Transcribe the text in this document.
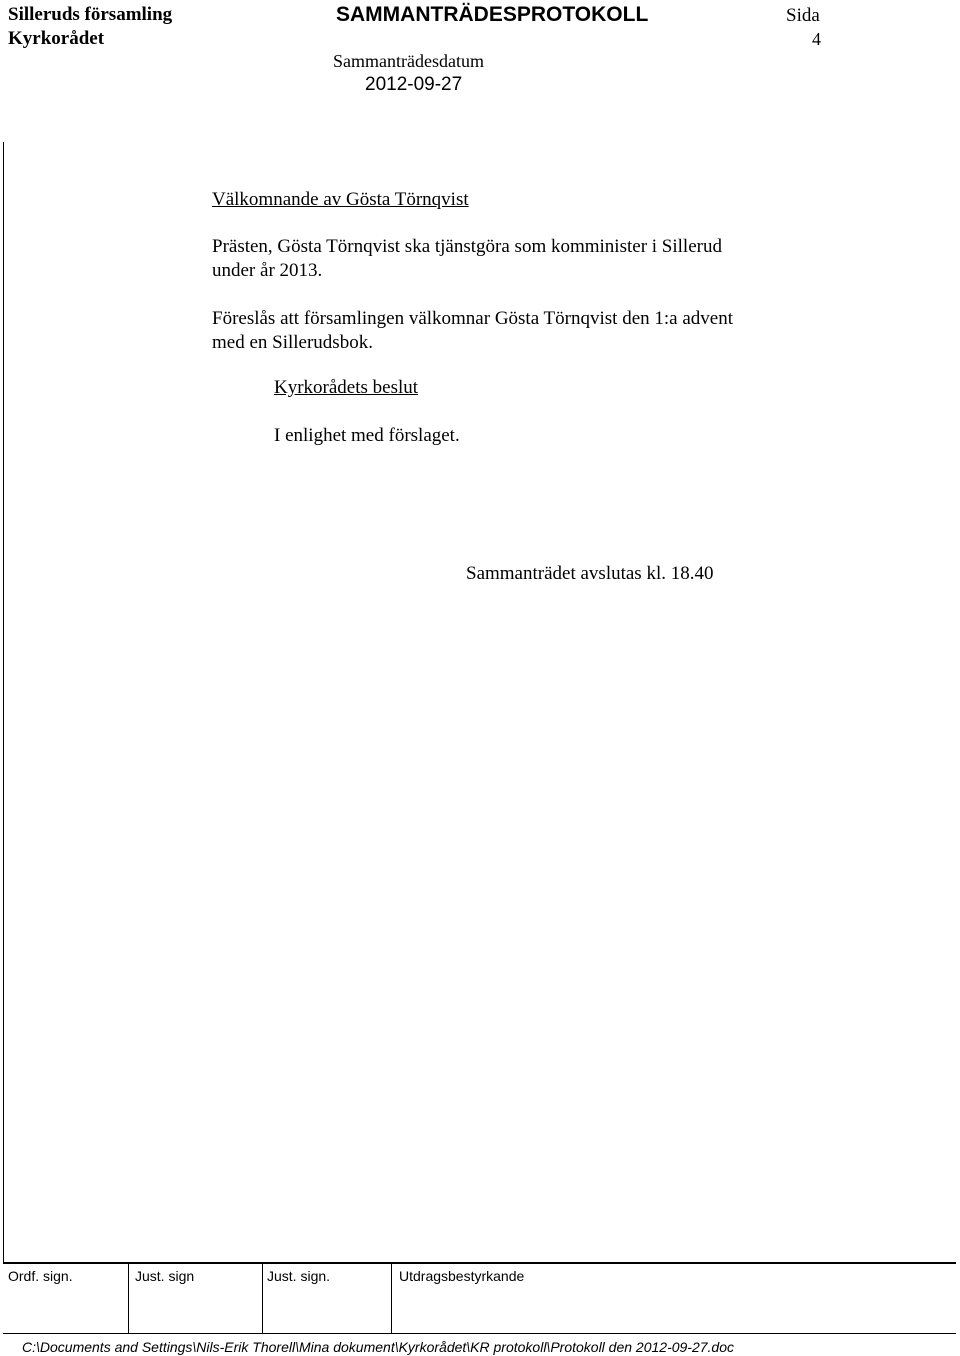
Silleruds församling
Kyrkorådet
SAMMANTRÄDESPROTOKOLL	Sida
4
Sammanträdesdatum
2012-09-27
Välkomnande av Gösta Törnqvist
Prästen, Gösta Törnqvist ska tjänstgöra som komminister i Sillerud
under år 2013.
Föreslås att församlingen välkomnar Gösta Törnqvist den 1:a advent
med en Sillerudsbok.
Kyrkorådets beslut
I enlighet med förslaget.
Sammanträdet avslutas kl. 18.40
Ordf. sign.	Just. sign	Just. sign.	Utdragsbestyrkande
C:\Documents and Settings\Nils-Erik Thorell\Mina dokument\Kyrkorådet\KR protokoll\Protokoll den 2012-09-27.doc
